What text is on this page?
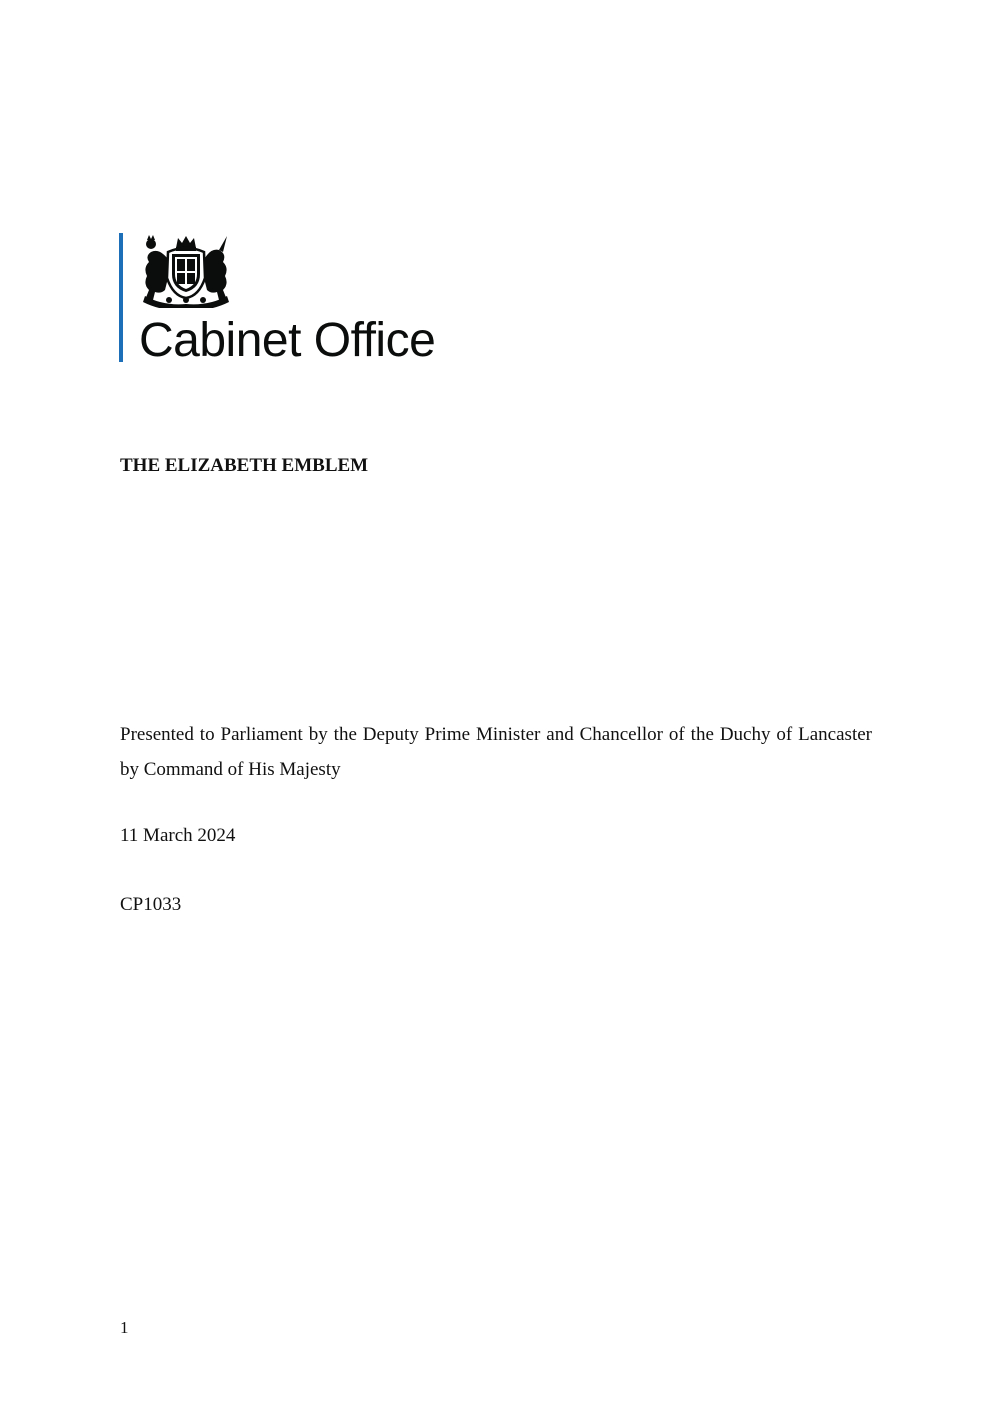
Cabinet Office
THE ELIZABETH EMBLEM

Presented to Parliament by the Deputy Prime Minister and Chancellor of the Duchy of Lancaster by Command of His Majesty

11 March 2024

CP1033

1
